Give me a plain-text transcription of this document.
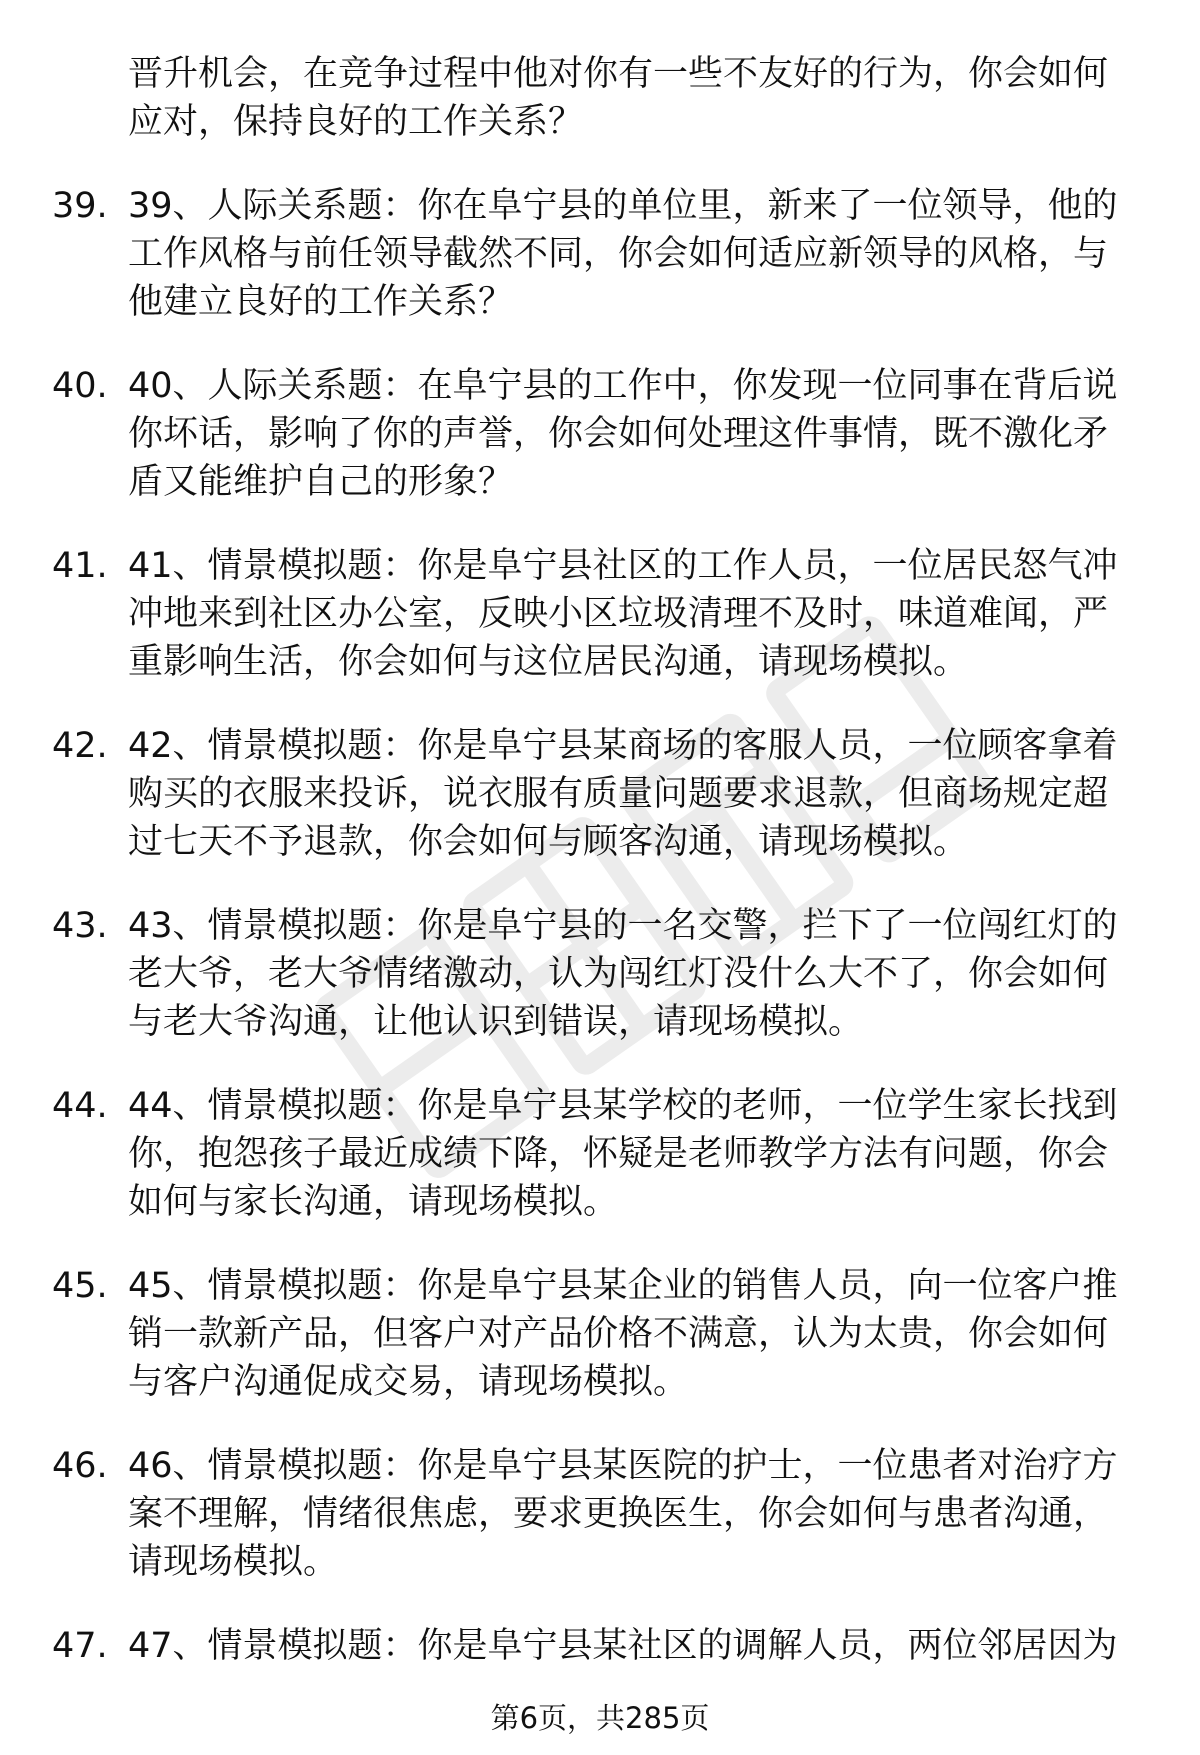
晋升机会，在竞争过程中他对你有一些不友好的行为，你会如何应对，保持良好的工作关系？
39. 39、人际关系题：你在阜宁县的单位里，新来了一位领导，他的工作风格与前任领导截然不同，你会如何适应新领导的风格，与他建立良好的工作关系？
40. 40、人际关系题：在阜宁县的工作中，你发现一位同事在背后说你坏话，影响了你的声誉，你会如何处理这件事情，既不激化矛盾又能维护自己的形象？
41. 41、情景模拟题：你是阜宁县社区的工作人员，一位居民怒气冲冲地来到社区办公室，反映小区垃圾清理不及时，味道难闻，严重影响生活，你会如何与这位居民沟通，请现场模拟。
42. 42、情景模拟题：你是阜宁县某商场的客服人员，一位顾客拿着购买的衣服来投诉，说衣服有质量问题要求退款，但商场规定超过七天不予退款，你会如何与顾客沟通，请现场模拟。
43. 43、情景模拟题：你是阜宁县的一名交警，拦下了一位闯红灯的老大爷，老大爷情绪激动，认为闯红灯没什么大不了，你会如何与老大爷沟通，让他认识到错误，请现场模拟。
44. 44、情景模拟题：你是阜宁县某学校的老师，一位学生家长找到你，抱怨孩子最近成绩下降，怀疑是老师教学方法有问题，你会如何与家长沟通，请现场模拟。
45. 45、情景模拟题：你是阜宁县某企业的销售人员，向一位客户推销一款新产品，但客户对产品价格不满意，认为太贵，你会如何与客户沟通促成交易，请现场模拟。
46. 46、情景模拟题：你是阜宁县某医院的护士，一位患者对治疗方案不理解，情绪很焦虑，要求更换医生，你会如何与患者沟通，请现场模拟。
47. 47、情景模拟题：你是阜宁县某社区的调解人员，两位邻居因为
第6页，共285页
